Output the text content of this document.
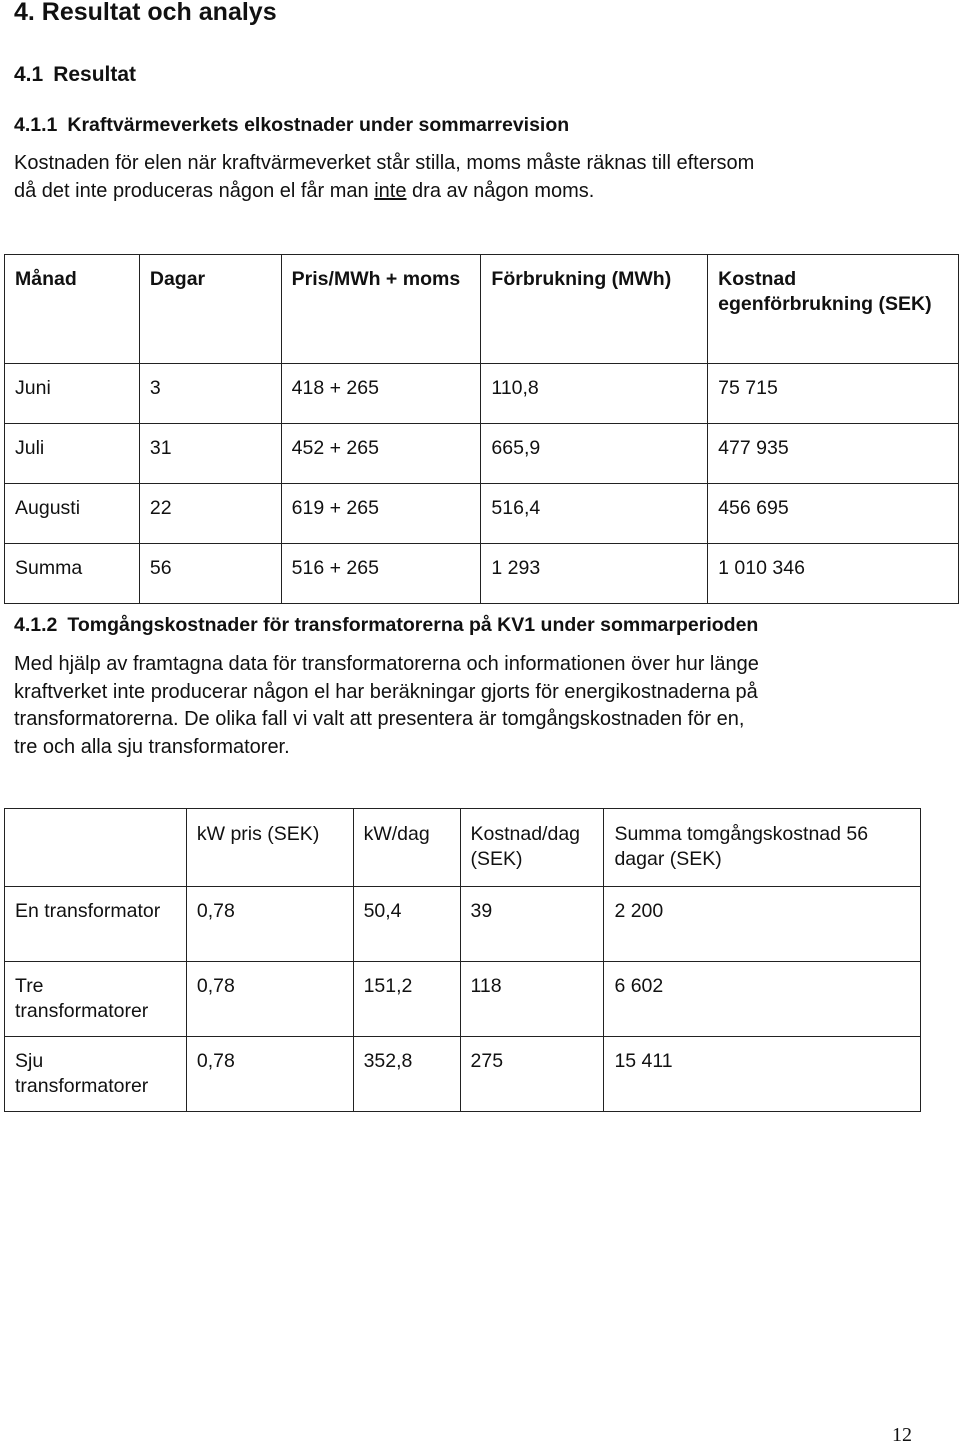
4. Resultat och analys
4.1 Resultat
4.1.1 Kraftvärmeverkets elkostnader under sommarrevision
Kostnaden för elen när kraftvärmeverket står stilla, moms måste räknas till eftersom
då det inte produceras någon el får man inte dra av någon moms.
Månad	Dagar	Pris/MWh + moms	Förbrukning (MWh)	Kostnad egenförbrukning (SEK)
Juni	3	418 + 265	110,8	75 715
Juli	31	452 + 265	665,9	477 935
Augusti	22	619 + 265	516,4	456 695
Summa	56	516 + 265	1 293	1 010 346
4.1.2 Tomgångskostnader för transformatorerna på KV1 under sommarperioden
Med hjälp av framtagna data för transformatorerna och informationen över hur länge
kraftverket inte producerar någon el har beräkningar gjorts för energikostnaderna på
transformatorerna. De olika fall vi valt att presentera är tomgångskostnaden för en,
tre och alla sju transformatorer.
	kW pris (SEK)	kW/dag	Kostnad/dag (SEK)	Summa tomgångskostnad 56 dagar (SEK)
En transformator	0,78	50,4	39	2 200
Tre transformatorer	0,78	151,2	118	6 602
Sju transformatorer	0,78	352,8	275	15 411
12
